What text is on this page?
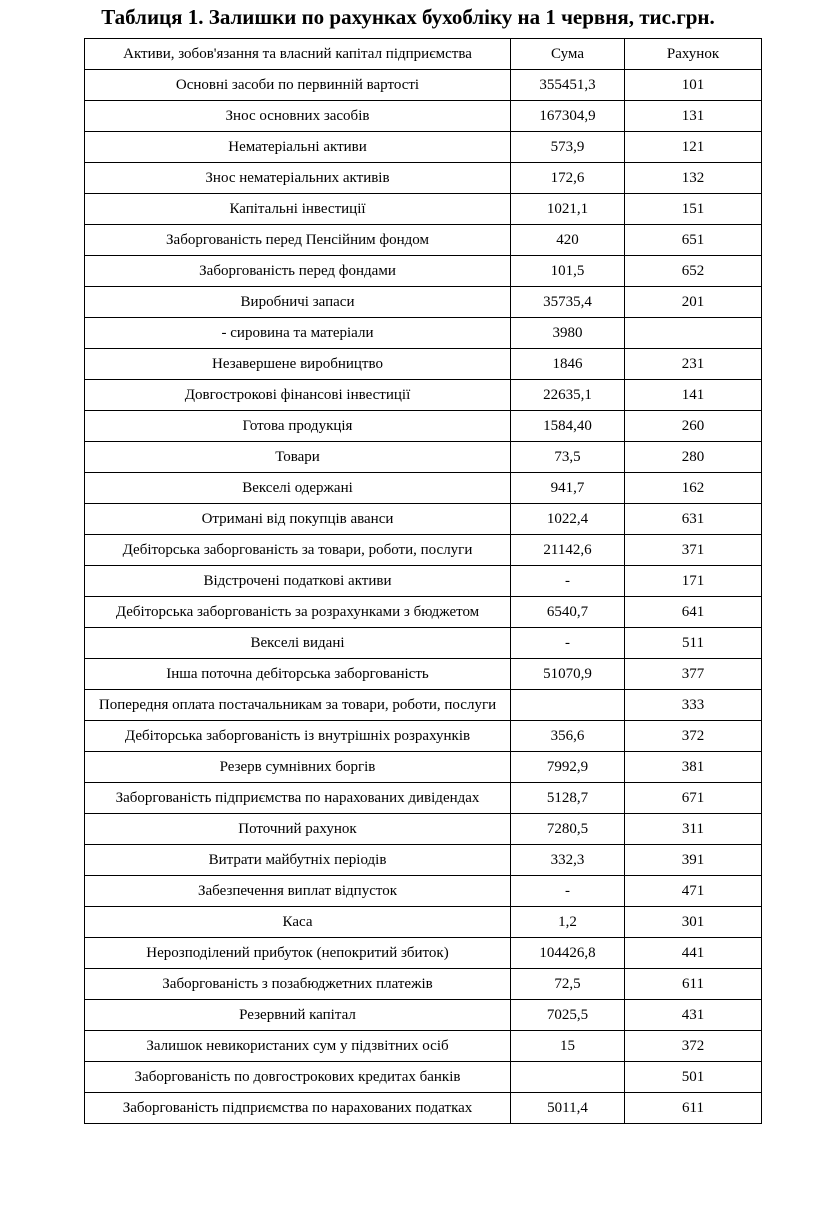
Таблиця 1. Залишки по рахунках бухобліку на 1 червня, тис.грн.
Активи, зобов'язання та власний капітал підприємства	Сума	Рахунок
Основні засоби по первинній вартості	355451,3	101
Знос основних засобів	167304,9	131
Нематеріальні активи	573,9	121
Знос нематеріальних активів	172,6	132
Капітальні інвестиції	1021,1	151
Заборгованість перед Пенсійним фондом	420	651
Заборгованість перед фондами	101,5	652
Виробничі запаси	35735,4	201
- сировина та матеріали	3980	
Незавершене виробництво	1846	231
Довгострокові фінансові інвестиції	22635,1	141
Готова продукція	1584,40	260
Товари	73,5	280
Векселі одержані	941,7	162
Отримані від покупців аванси	1022,4	631
Дебіторська заборгованість за товари, роботи, послуги	21142,6	371
Відстрочені податкові активи	-	171
Дебіторська заборгованість за розрахунками з бюджетом	6540,7	641
Векселі видані	-	511
Інша поточна дебіторська заборгованість	51070,9	377
Попередня оплата постачальникам за товари, роботи, послуги		333
Дебіторська заборгованість із внутрішніх розрахунків	356,6	372
Резерв сумнівних боргів	7992,9	381
Заборгованість підприємства по нарахованих дивідендах	5128,7	671
Поточний рахунок	7280,5	311
Витрати майбутніх періодів	332,3	391
Забезпечення виплат відпусток	-	471
Каса	1,2	301
Нерозподілений прибуток (непокритий збиток)	104426,8	441
Заборгованість з позабюджетних платежів	72,5	611
Резервний капітал	7025,5	431
Залишок невикористаних сум у підзвітних осіб	15	372
Заборгованість по довгострокових кредитах банків		501
Заборгованість підприємства по нарахованих податках	5011,4	611
